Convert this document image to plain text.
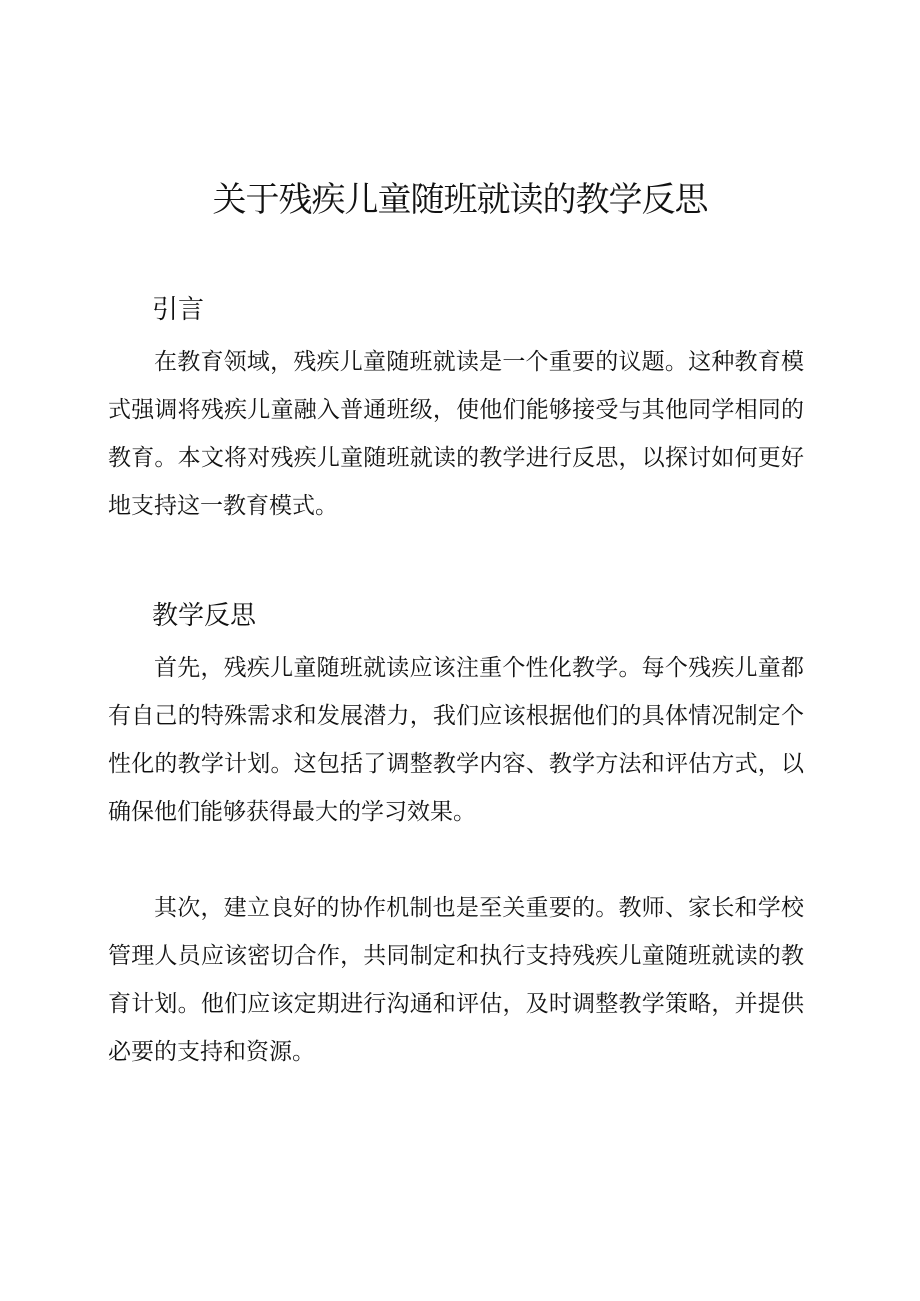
关于残疾儿童随班就读的教学反思
引言

在教育领域，残疾儿童随班就读是一个重要的议题。这种教育模式强调将残疾儿童融入普通班级，使他们能够接受与其他同学相同的教育。本文将对残疾儿童随班就读的教学进行反思，以探讨如何更好地支持这一教育模式。

教学反思

首先，残疾儿童随班就读应该注重个性化教学。每个残疾儿童都有自己的特殊需求和发展潜力，我们应该根据他们的具体情况制定个性化的教学计划。这包括了调整教学内容、教学方法和评估方式，以确保他们能够获得最大的学习效果。

其次，建立良好的协作机制也是至关重要的。教师、家长和学校管理人员应该密切合作，共同制定和执行支持残疾儿童随班就读的教育计划。他们应该定期进行沟通和评估，及时调整教学策略，并提供必要的支持和资源。
